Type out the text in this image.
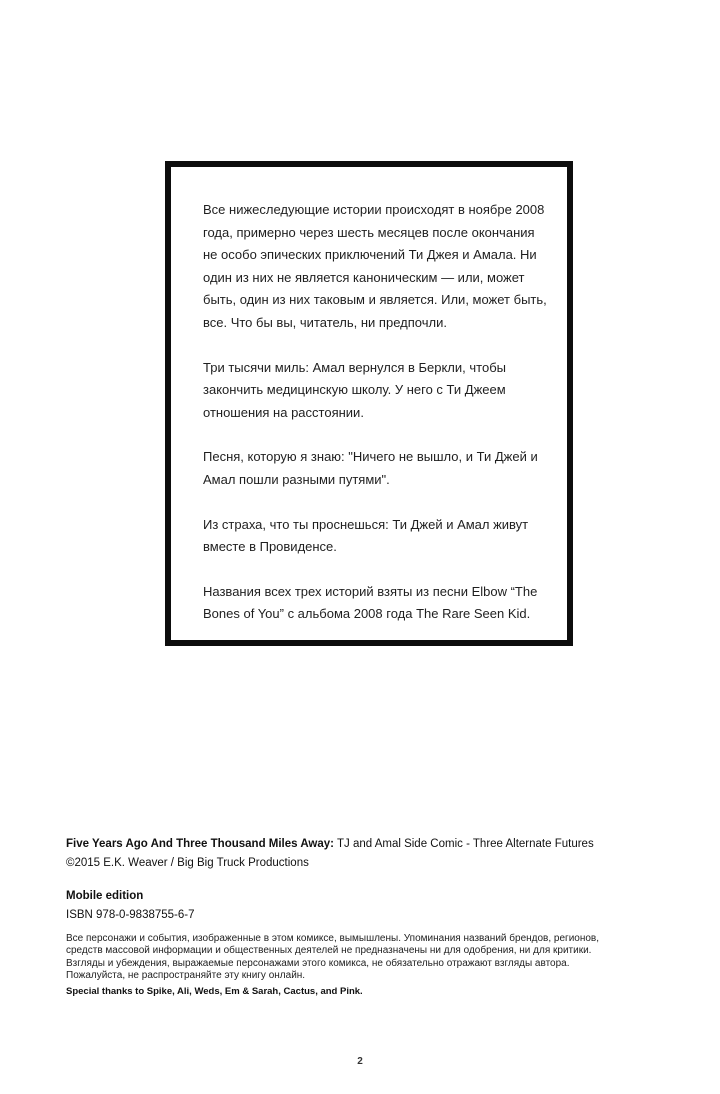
Все нижеследующие истории происходят в ноябре 2008 года, примерно через шесть месяцев после окончания не особо эпических приключений Ти Джея и Амала. Ни один из них не является каноническим — или, может быть, один из них таковым и является. Или, может быть, все. Что бы вы, читатель, ни предпочли.

Три тысячи миль: Амал вернулся в Беркли, чтобы закончить медицинскую школу. У него с Ти Джеем отношения на расстоянии.

Песня, которую я знаю: "Ничего не вышло, и Ти Джей и Амал пошли разными путями".

Из страха, что ты проснешься: Ти Джей и Амал живут вместе в Провиденсе.

Названия всех трех историй взяты из песни Elbow “The Bones of You” с альбома 2008 года The Rare Seen Kid.

Five Years Ago And Three Thousand Miles Away: TJ and Amal Side Comic - Three Alternate Futures
©2015 E.K. Weaver / Big Big Truck Productions
Mobile edition
ISBN 978-0-9838755-6-7
Все персонажи и события, изображенные в этом комиксе, вымышлены. Упоминания названий брендов, регионов, средств массовой информации и общественных деятелей не предназначены ни для одобрения, ни для критики. Взгляды и убеждения, выражаемые персонажами этого комикса, не обязательно отражают взгляды автора. Пожалуйста, не распространяйте эту книгу онлайн.
Special thanks to Spike, Ali, Weds, Em & Sarah, Cactus, and Pink.
2
